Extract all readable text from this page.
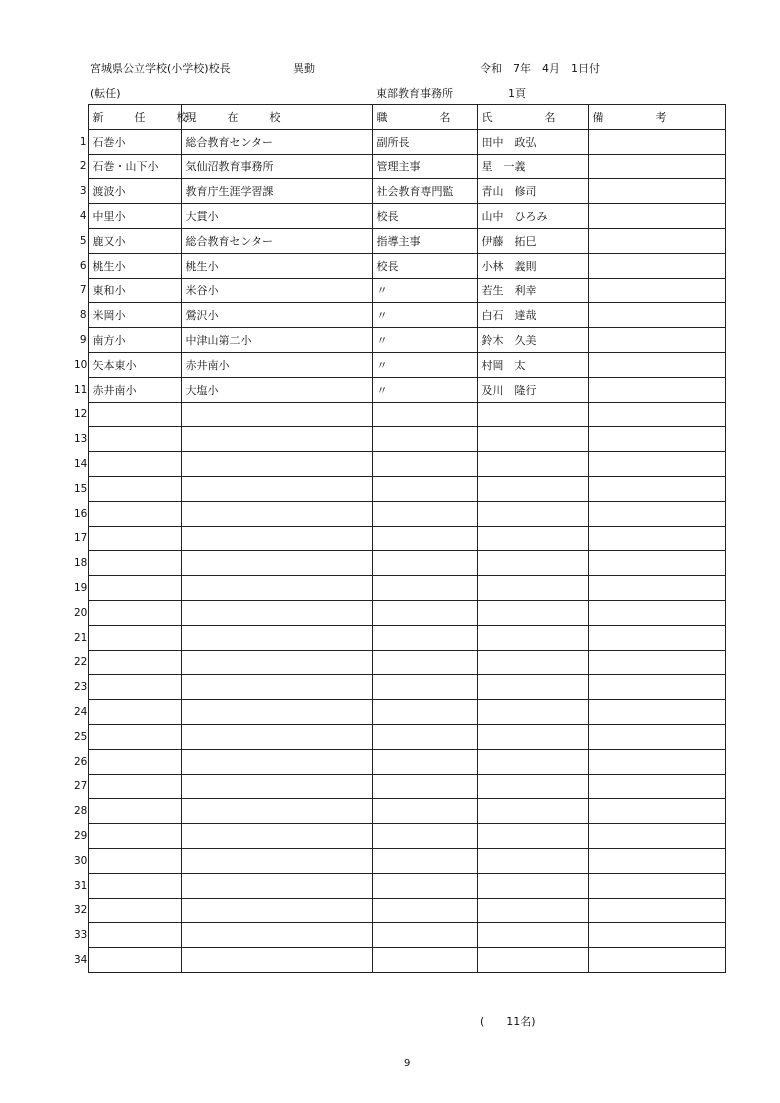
宮城県公立学校(小学校)校長	異動	令和　7年　4月　1日付
(転任)	東部教育事務所	1頁
	新　任　校	現　在　校	職　　名	氏　　名	備　　考
1	石巻小	総合教育センター	副所長	田中　政弘	
2	石巻・山下小	気仙沼教育事務所	管理主事	星　一義	
3	渡波小	教育庁生涯学習課	社会教育専門監	青山　修司	
4	中里小	大貫小	校長	山中　ひろみ	
5	鹿又小	総合教育センター	指導主事	伊藤　拓巳	
6	桃生小	桃生小	校長	小林　義則	
7	東和小	米谷小	〃	若生　利幸	
8	米岡小	鶯沢小	〃	白石　達哉	
9	南方小	中津山第二小	〃	鈴木　久美	
10	矢本東小	赤井南小	〃	村岡　太	
11	赤井南小	大塩小	〃	及川　隆行	
12					
13					
14					
15					
16					
17					
18					
19					
20					
21					
22					
23					
24					
25					
26					
27					
28					
29					
30					
31					
32					
33					
34					
(　　11名)
9
